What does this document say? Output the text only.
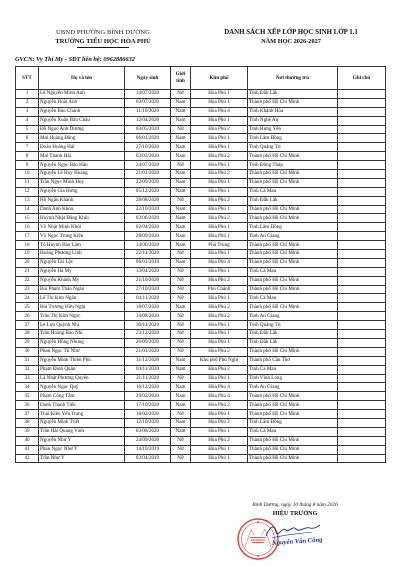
UBND PHƯỜNG BÌNH DƯƠNG
TRƯỜNG TIỂU HỌC HÒA PHÚ
DANH SÁCH XẾP LỚP HỌC SINH LỚP 1.1
NĂM HỌC 2026-2027
GVCN: Vy Thị My - SĐT liên hệ: 0962886632
STT	Họ và tên	Ngày sinh	Giới tính	Khu phố	Nơi thường trú	Ghi chú
1	Lê Nguyễn Minh Anh	14/07/2020	Nữ	Hòa Phú 1	Tỉnh Đắk Lắk	
2	Nguyễn Hoài Anh	03/07/2020	Nam	Hòa Phú 1	Thành phố Hồ Chí Minh	
3	Nguyễn Bảo Chánh	11/10/2020	Nam	Hòa Phú 4	Tỉnh Khánh Hòa	
4	Nguyễn Xuân Bảo Châu	12/04/2020	Nam	Hòa Phú 1	Tỉnh Nghệ An	
5	Đỗ Ngọc Anh Dương	03/05/2020	Nữ	Hòa Phú 2	Tỉnh Hưng Yên	
6	Mai Hoàng Đăng	06/01/2020	Nam	Hòa Phú 1	Tỉnh Lâm Đồng	
7	Đoàn Hoàng Hải	27/10/2020	Nam	Hòa Phú 1	Tỉnh Quảng Trị	
8	Mai Thanh Hải	03/03/2020	Nam	Hòa Phú 2	Thành phố Hồ Chí Minh	
9	Nguyễn Ngọc Bảo Hân	24/07/2020	Nữ	Hòa Phú 1	Tỉnh Đồng Tháp	
10	Nguyễn Lê Huy Hoàng	21/01/2020	Nam	Hòa Phú 2	Thành phố Hồ Chí Minh	
11	Trần Ngọc Minh Huy	22/09/2020	Nam	Hòa Phú 1	Thành phố Hồ Chí Minh	
12	Nguyễn Gia Hưng	05/12/2020	Nam	Hòa Phú 1	Tỉnh Cà Mau	
13	Hồ Ngân Khánh	28/08/2020	Nữ	Hòa Phú 2	Tỉnh Đắk Lắk	
14	Danh Anh Khoa	22/10/2020	Nam	Hòa Phú 1	Thành phố Hồ Chí Minh	
15	Huỳnh Nhật Đăng Khôi	03/06/2020	Nam	Hòa Phú 2	Thành phố Hồ Chí Minh	
16	Võ Nhật Minh Khôi	02/04/2020	Nam	Hòa Phú 1	Tỉnh Lâm Đồng	
17	Võ Ngọc Trung Kiên	28/09/2020	Nam	Hòa Phú 1	Tỉnh An Giang	
18	Tô Huỳnh Bảo Lâm	14/06/2020	Nam	Phú Trung	Thành phố Hồ Chí Minh	
19	Hoàng Phương Linh	22/11/2020	Nữ	Hòa Phú 1	Thành phố Hồ Chí Minh	
20	Nguyễn Tài Lộc	06/01/2019	Nam	Hòa Phú 4	Thành phố Hồ Chí Minh	
21	Nguyễn Hà My	13/04/2020	Nữ	Hòa Phú 1	Tỉnh Cà Mau	
22	Nguyễn Khánh My	21/10/2020	Nữ	Hòa Phú 2	Thành phố Hồ Chí Minh	
23	Bùi Phạm Thảo Ngân	27/10/2020	Nữ	Phú Chánh	Thành phố Hồ Chí Minh	
24	Lê Thị Kim Ngân	04/11/2020	Nữ	Hòa Phú 1	Tỉnh Cà Mau	
25	Bùi Trương Hữu Nghị	18/07/2020	Nam	Hòa Phú 2	Thành phố Hồ Chí Minh	
26	Trần Thị Kim Ngọc	14/08/2020	Nữ	Hòa Phú 2	Tỉnh An Giang	
27	Lê Lưu Quỳnh Nhi	30/11/2020	Nữ	Hòa Phú 1	Tỉnh Quảng Trị	
28	Trần Hoàng Bảo Nhi	23/12/2020	Nữ	Hòa Phú 1	Tỉnh Đắk Lắk	
29	Nguyễn Hồng Nhung	26/09/2020	Nữ	Hòa Phú 1	Tỉnh Đắk Lắk	
30	Phan Ngọc Tố Như	21/01/2020	Nữ	Hòa Phú 2	Thành phố Hồ Chí Minh	
31	Nguyễn Minh Thiên Phú	31/12/2020	Nam	Khu phố Phú Nghị	Thành phố Cần Thơ	
32	Phạm Đình Quân	04/11/2020	Nam	Hòa Phú 2	Tỉnh Cà Mau	
33	Lã Nhật Phương Quyên	21/11/2020	Nữ	Hòa Phú 1	Tỉnh Vĩnh Long	
34	Nguyễn Ngọc Quý	16/12/2020	Nam	Hòa Phú 4	Tỉnh An Giang	
35	Phạm Công Tâm	29/02/2020	Nam	Hòa Phú 4	Thành phố Hồ Chí Minh	
36	Danh Thanh Tiến	17/10/2020	Nam	Hòa Phú 2	Thành phố Hồ Chí Minh	
37	Thái Kiều Yến Trang	18/02/2020	Nữ	Hòa Phú 1	Thành phố Hồ Chí Minh	
38	Nguyễn Minh Triết	12/10/2020	Nam	Hòa Phú 2	Tỉnh Lâm Đồng	
39	Trần Hải Quang Vinh	03/08/2020	Nam	Hòa Phú 1	Tỉnh Cà Mau	
40	Nguyễn Như Ý	24/09/2020	Nữ	Hòa Phú 2	Thành phố Hồ Chí Minh	
41	Phan Ngọc Như Ý	14/10/2019	Nữ	Hòa Phú 1	Thành phố Hồ Chí Minh	
42	Trần Như Ý	03/04/2019	Nữ	Hòa Phú 1	Thành phố Hồ Chí Minh	
Bình Dương, ngày 10 tháng 8 năm 2026
HIỆU TRƯỞNG
Nguyễn Văn Công
